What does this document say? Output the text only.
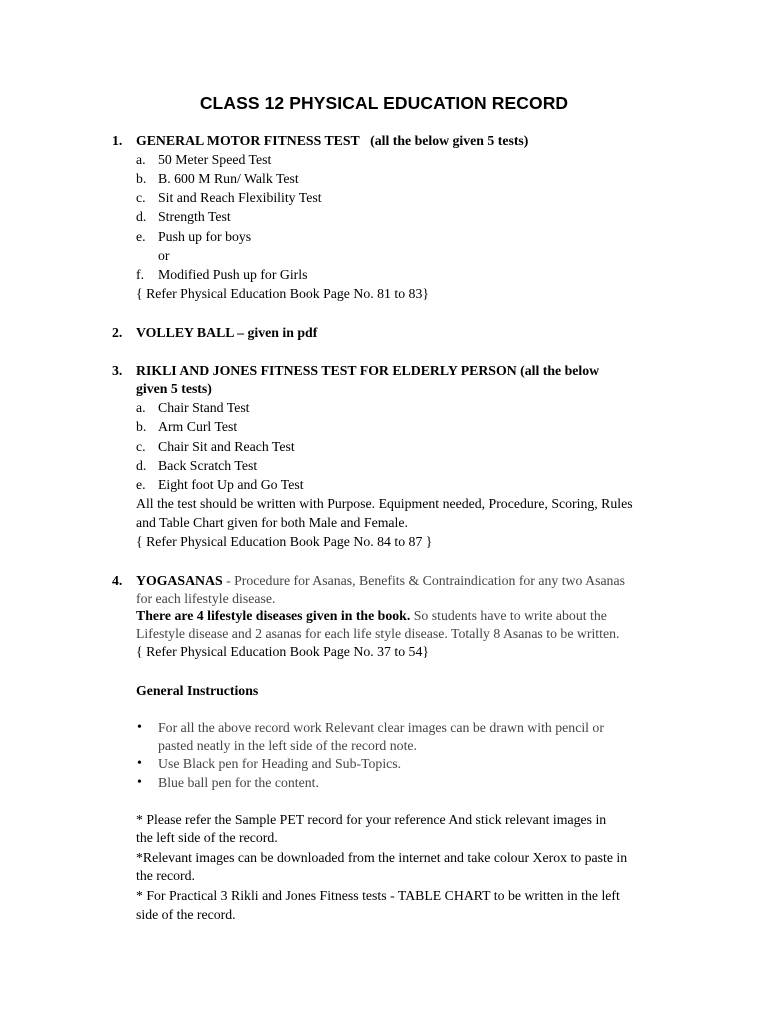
CLASS 12 PHYSICAL EDUCATION RECORD
1. GENERAL MOTOR FITNESS TEST (all the below given 5 tests)
a. 50 Meter Speed Test
b. B. 600 M Run/ Walk Test
c. Sit and Reach Flexibility Test
d. Strength Test
e. Push up for boys
or
f. Modified Push up for Girls
{ Refer Physical Education Book Page No. 81 to 83}
2. VOLLEY BALL – given in pdf
3. RIKLI AND JONES FITNESS TEST FOR ELDERLY PERSON (all the below
given 5 tests)
a. Chair Stand Test
b. Arm Curl Test
c. Chair Sit and Reach Test
d. Back Scratch Test
e. Eight foot Up and Go Test
All the test should be written with Purpose. Equipment needed, Procedure, Scoring, Rules
and Table Chart given for both Male and Female.
{ Refer Physical Education Book Page No. 84 to 87 }
4. YOGASANAS - Procedure for Asanas, Benefits & Contraindication for any two Asanas
for each lifestyle disease.
There are 4 lifestyle diseases given in the book. So students have to write about the
Lifestyle disease and 2 asanas for each life style disease. Totally 8 Asanas to be written.
{ Refer Physical Education Book Page No. 37 to 54}
General Instructions
• For all the above record work Relevant clear images can be drawn with pencil or
pasted neatly in the left side of the record note.
• Use Black pen for Heading and Sub-Topics.
• Blue ball pen for the content.
* Please refer the Sample PET record for your reference And stick relevant images in
the left side of the record.
*Relevant images can be downloaded from the internet and take colour Xerox to paste in
the record.
* For Practical 3 Rikli and Jones Fitness tests - TABLE CHART to be written in the left
side of the record.
